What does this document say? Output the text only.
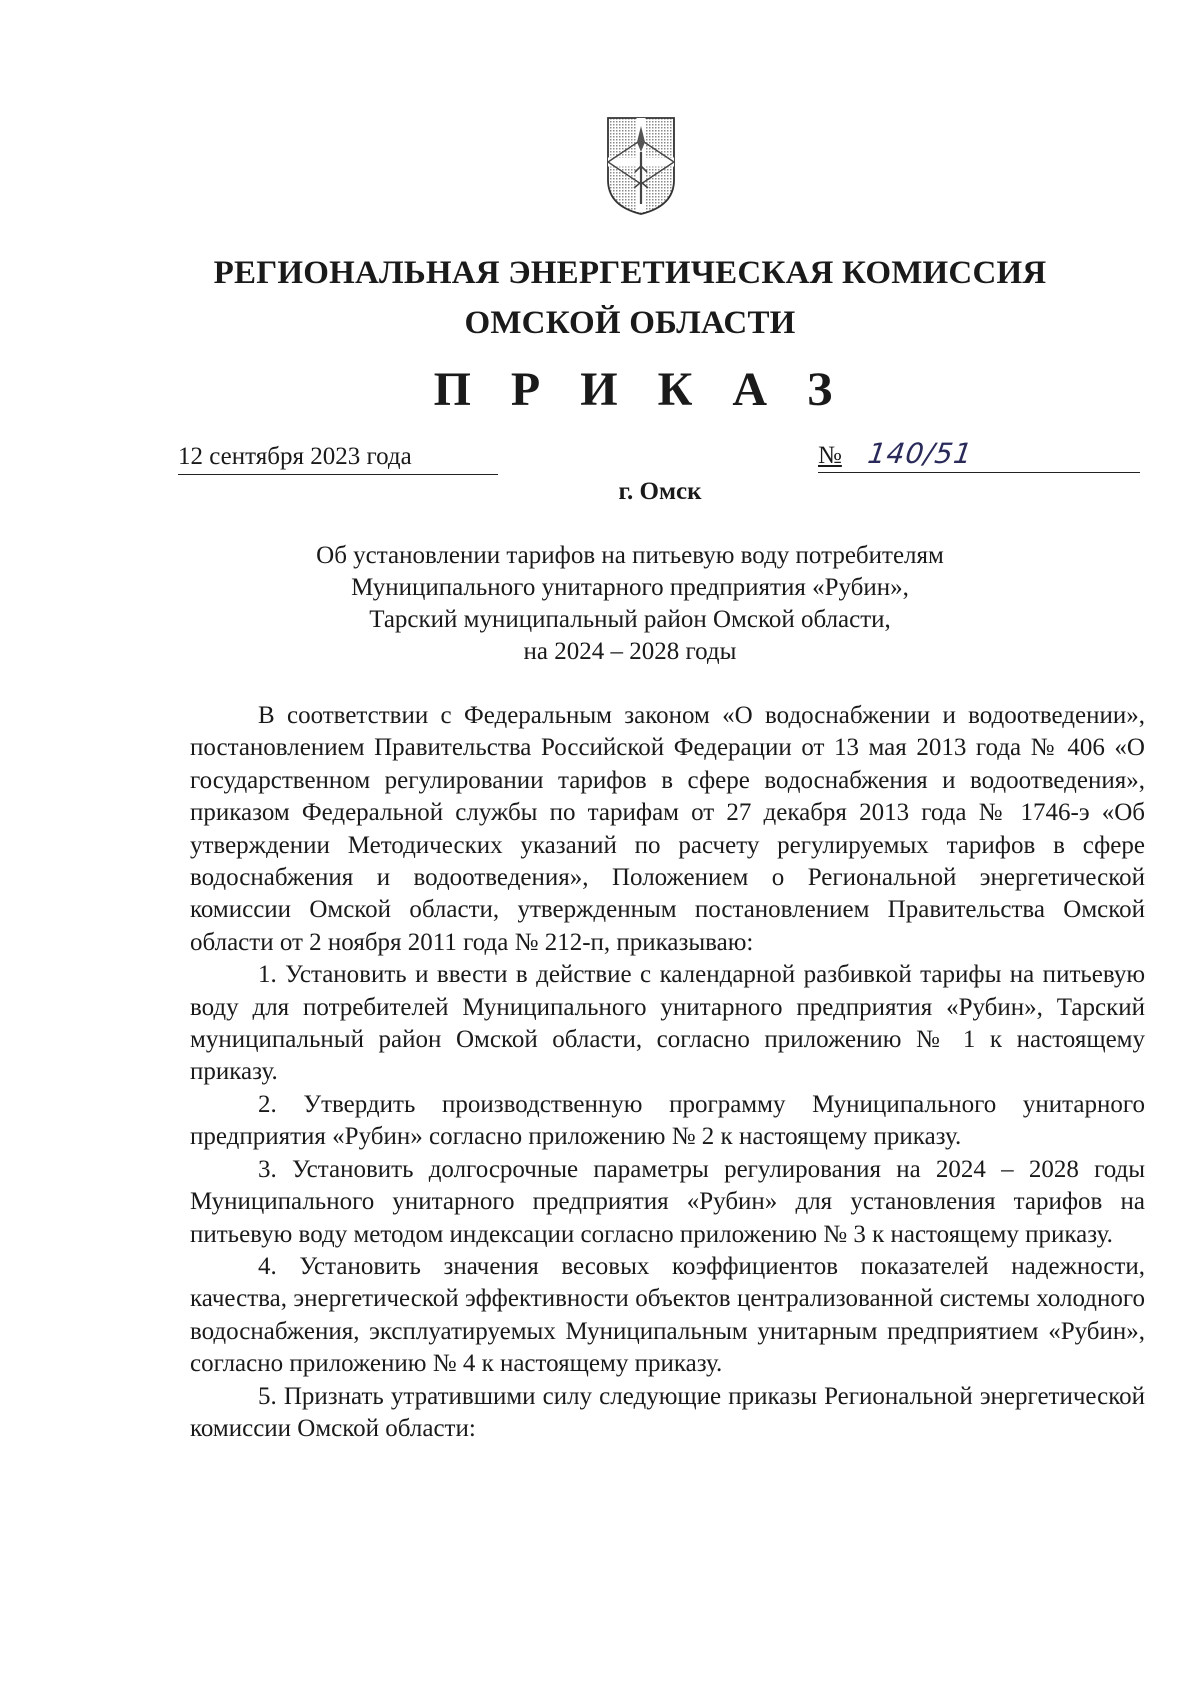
РЕГИОНАЛЬНАЯ ЭНЕРГЕТИЧЕСКАЯ КОМИССИЯ
ОМСКОЙ ОБЛАСТИ
П Р И К А З
12 сентября 2023 года	№ 140/51
г. Омск
Об установлении тарифов на питьевую воду потребителям
Муниципального унитарного предприятия «Рубин»,
Тарский муниципальный район Омской области,
на 2024 – 2028 годы

В соответствии с Федеральным законом «О водоснабжении и водоотведении», постановлением Правительства Российской Федерации от 13 мая 2013 года № 406 «О государственном регулировании тарифов в сфере водоснабжения и водоотведения», приказом Федеральной службы по тарифам от 27 декабря 2013 года № 1746-э «Об утверждении Методических указаний по расчету регулируемых тарифов в сфере водоснабжения и водоотведения», Положением о Региональной энергетической комиссии Омской области, утвержденным постановлением Правительства Омской области от 2 ноября 2011 года № 212-п, приказываю:

1. Установить и ввести в действие с календарной разбивкой тарифы на питьевую воду для потребителей Муниципального унитарного предприятия «Рубин», Тарский муниципальный район Омской области, согласно приложению № 1 к настоящему приказу.

2. Утвердить производственную программу Муниципального унитарного предприятия «Рубин» согласно приложению № 2 к настоящему приказу.

3. Установить долгосрочные параметры регулирования на 2024 – 2028 годы Муниципального унитарного предприятия «Рубин» для установления тарифов на питьевую воду методом индексации согласно приложению № 3 к настоящему приказу.

4. Установить значения весовых коэффициентов показателей надежности, качества, энергетической эффективности объектов централизованной системы холодного водоснабжения, эксплуатируемых Муниципальным унитарным предприятием «Рубин», согласно приложению № 4 к настоящему приказу.

5. Признать утратившими силу следующие приказы Региональной энергетической комиссии Омской области:
